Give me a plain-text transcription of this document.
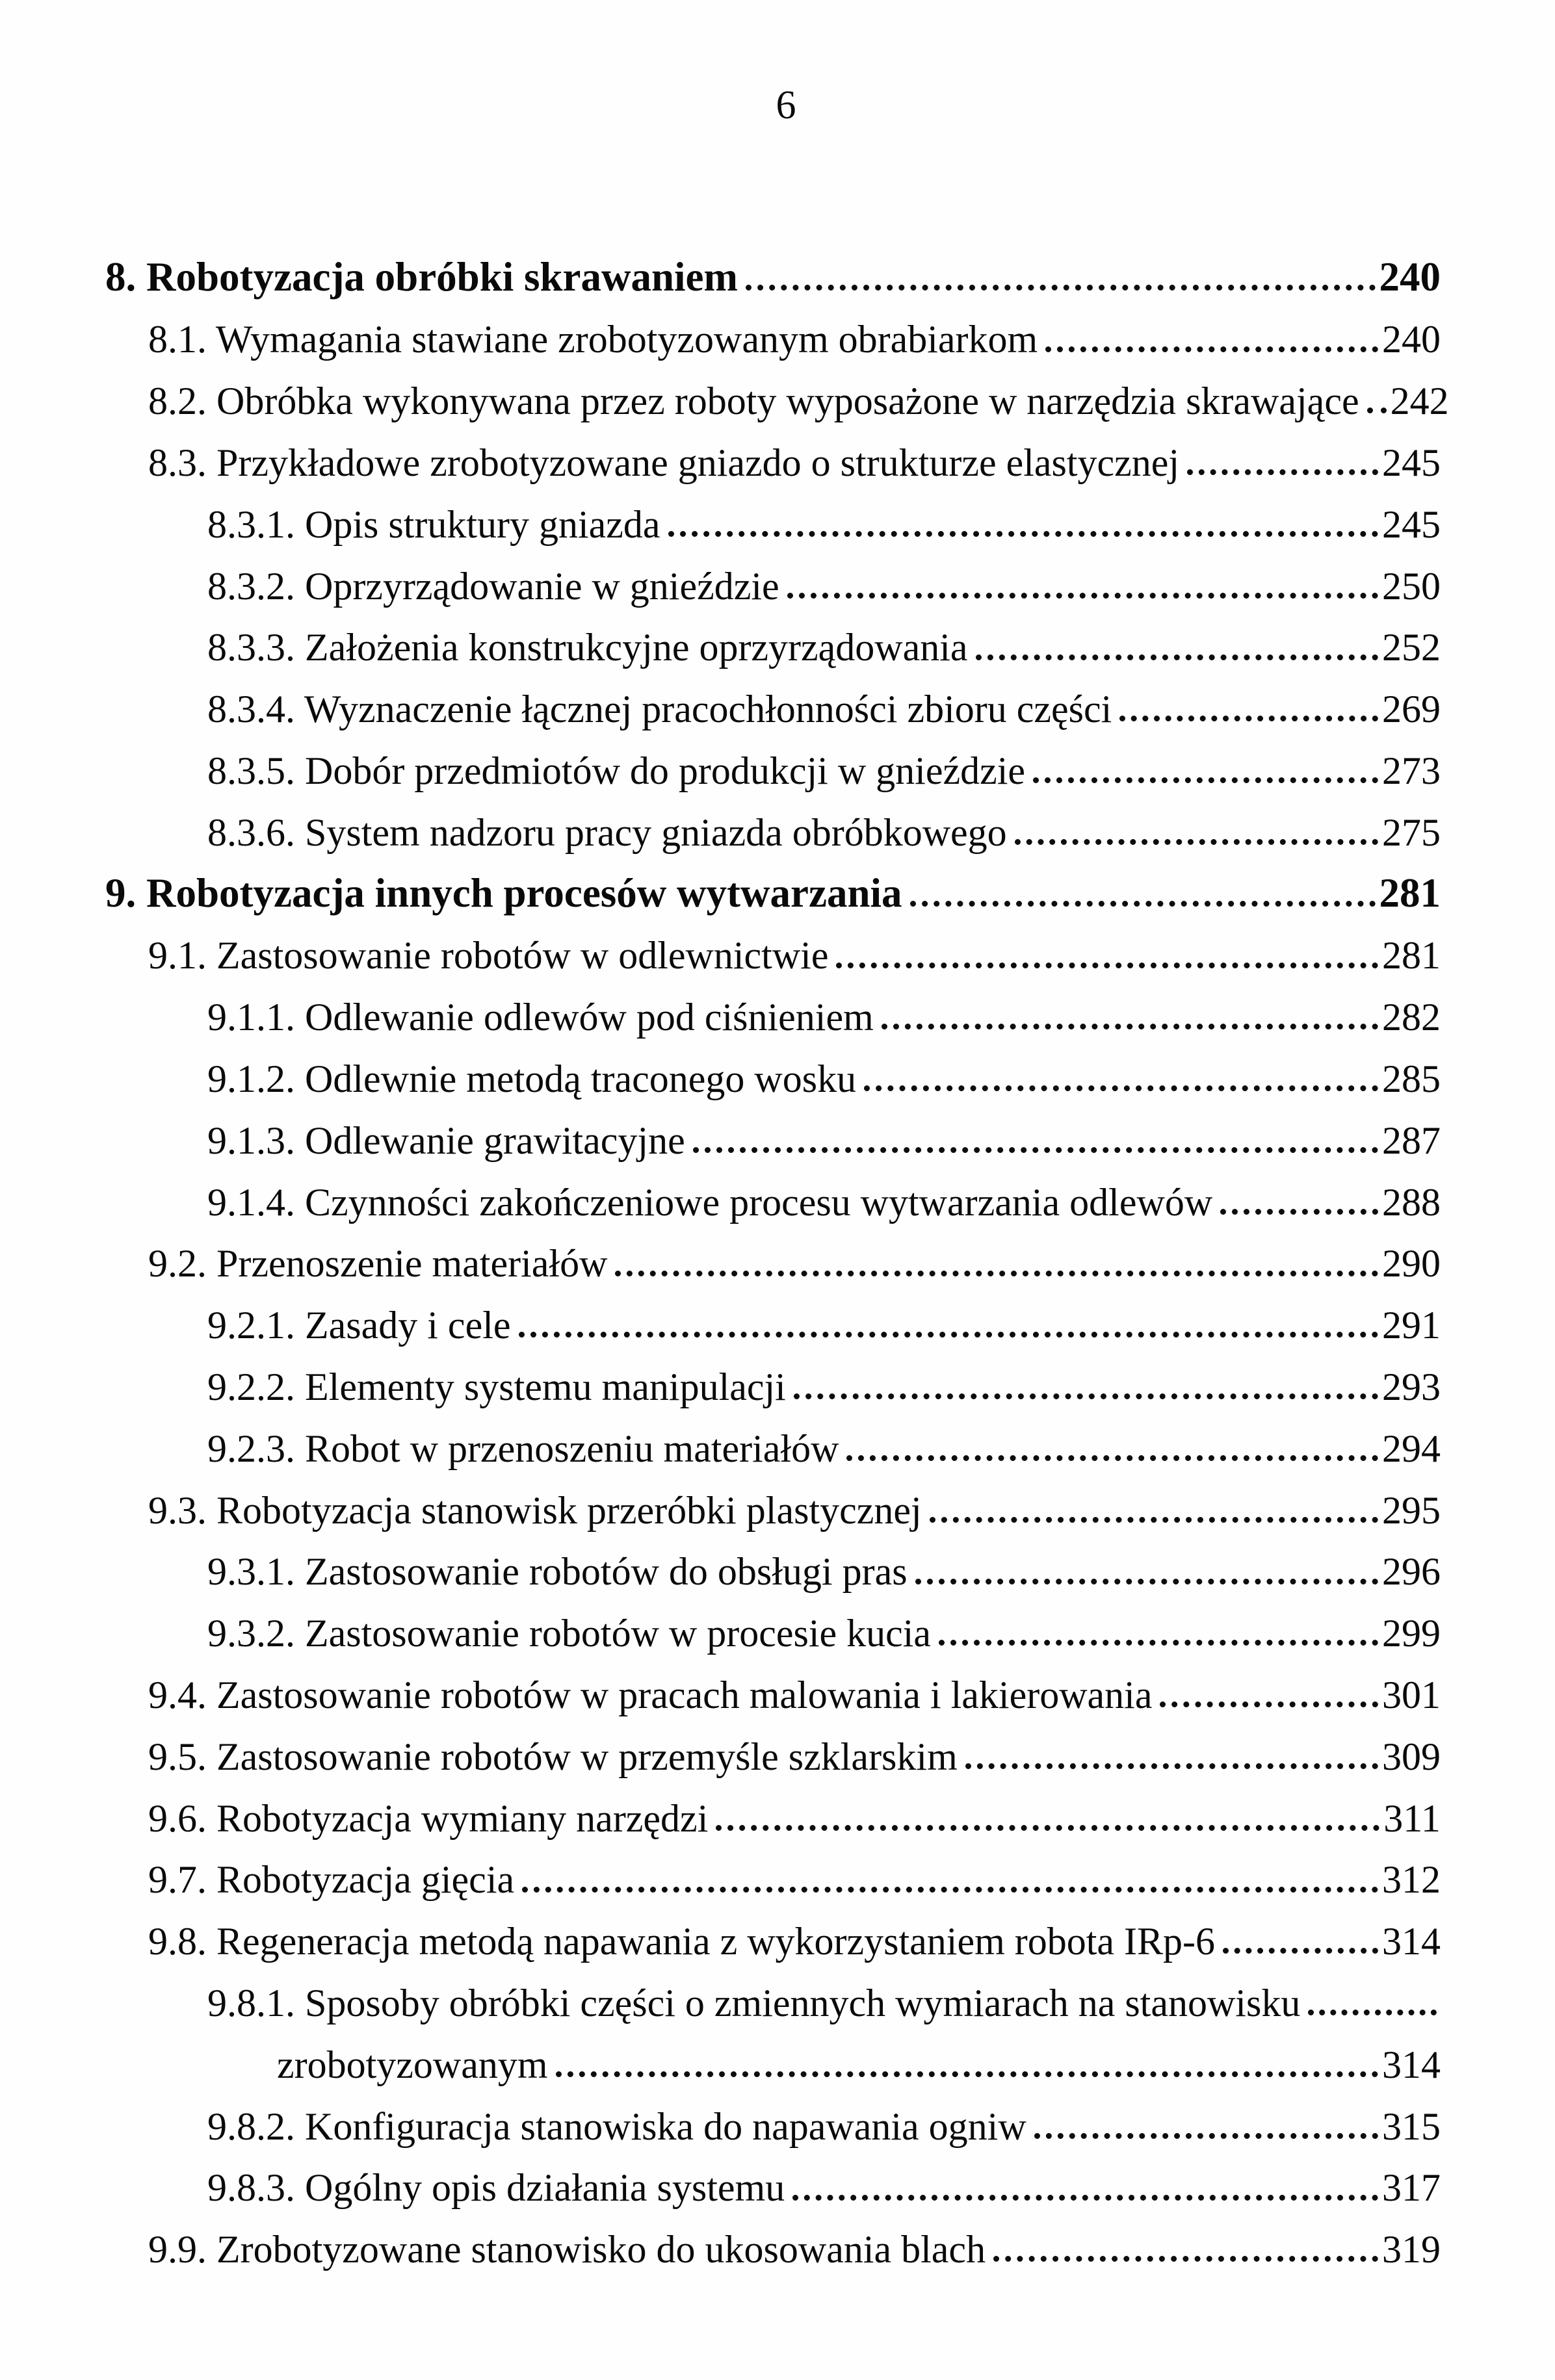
6
8. Robotyzacja obróbki skrawaniem	240
8.1. Wymagania stawiane zrobotyzowanym obrabiarkom	240
8.2. Obróbka wykonywana przez roboty wyposażone w narzędzia skrawające 242
8.3. Przykładowe zrobotyzowane gniazdo o strukturze elastycznej	245
8.3.1. Opis struktury gniazda	245
8.3.2. Oprzyrządowanie w gnieździe	250
8.3.3. Założenia konstrukcyjne oprzyrządowania	252
8.3.4. Wyznaczenie łącznej pracochłonności zbioru części	269
8.3.5. Dobór przedmiotów do produkcji w gnieździe	273
8.3.6. System nadzoru pracy gniazda obróbkowego	275
9. Robotyzacja innych procesów wytwarzania	281
9.1. Zastosowanie robotów w odlewnictwie	281
9.1.1. Odlewanie odlewów pod ciśnieniem	282
9.1.2. Odlewnie metodą traconego wosku	285
9.1.3. Odlewanie grawitacyjne	287
9.1.4. Czynności zakończeniowe procesu wytwarzania odlewów	288
9.2. Przenoszenie materiałów	290
9.2.1. Zasady i cele	291
9.2.2. Elementy systemu manipulacji	293
9.2.3. Robot w przenoszeniu materiałów	294
9.3. Robotyzacja stanowisk przeróbki plastycznej	295
9.3.1. Zastosowanie robotów do obsługi pras	296
9.3.2. Zastosowanie robotów w procesie kucia	299
9.4. Zastosowanie robotów w pracach malowania i lakierowania	301
9.5. Zastosowanie robotów w przemyśle szklarskim	309
9.6. Robotyzacja wymiany narzędzi	311
9.7. Robotyzacja gięcia	312
9.8. Regeneracja metodą napawania z wykorzystaniem robota IRp-6	314
9.8.1. Sposoby obróbki części o zmiennych wymiarach na stanowisku
zrobotyzowanym	314
9.8.2. Konfiguracja stanowiska do napawania ogniw	315
9.8.3. Ogólny opis działania systemu	317
9.9. Zrobotyzowane stanowisko do ukosowania blach	319
